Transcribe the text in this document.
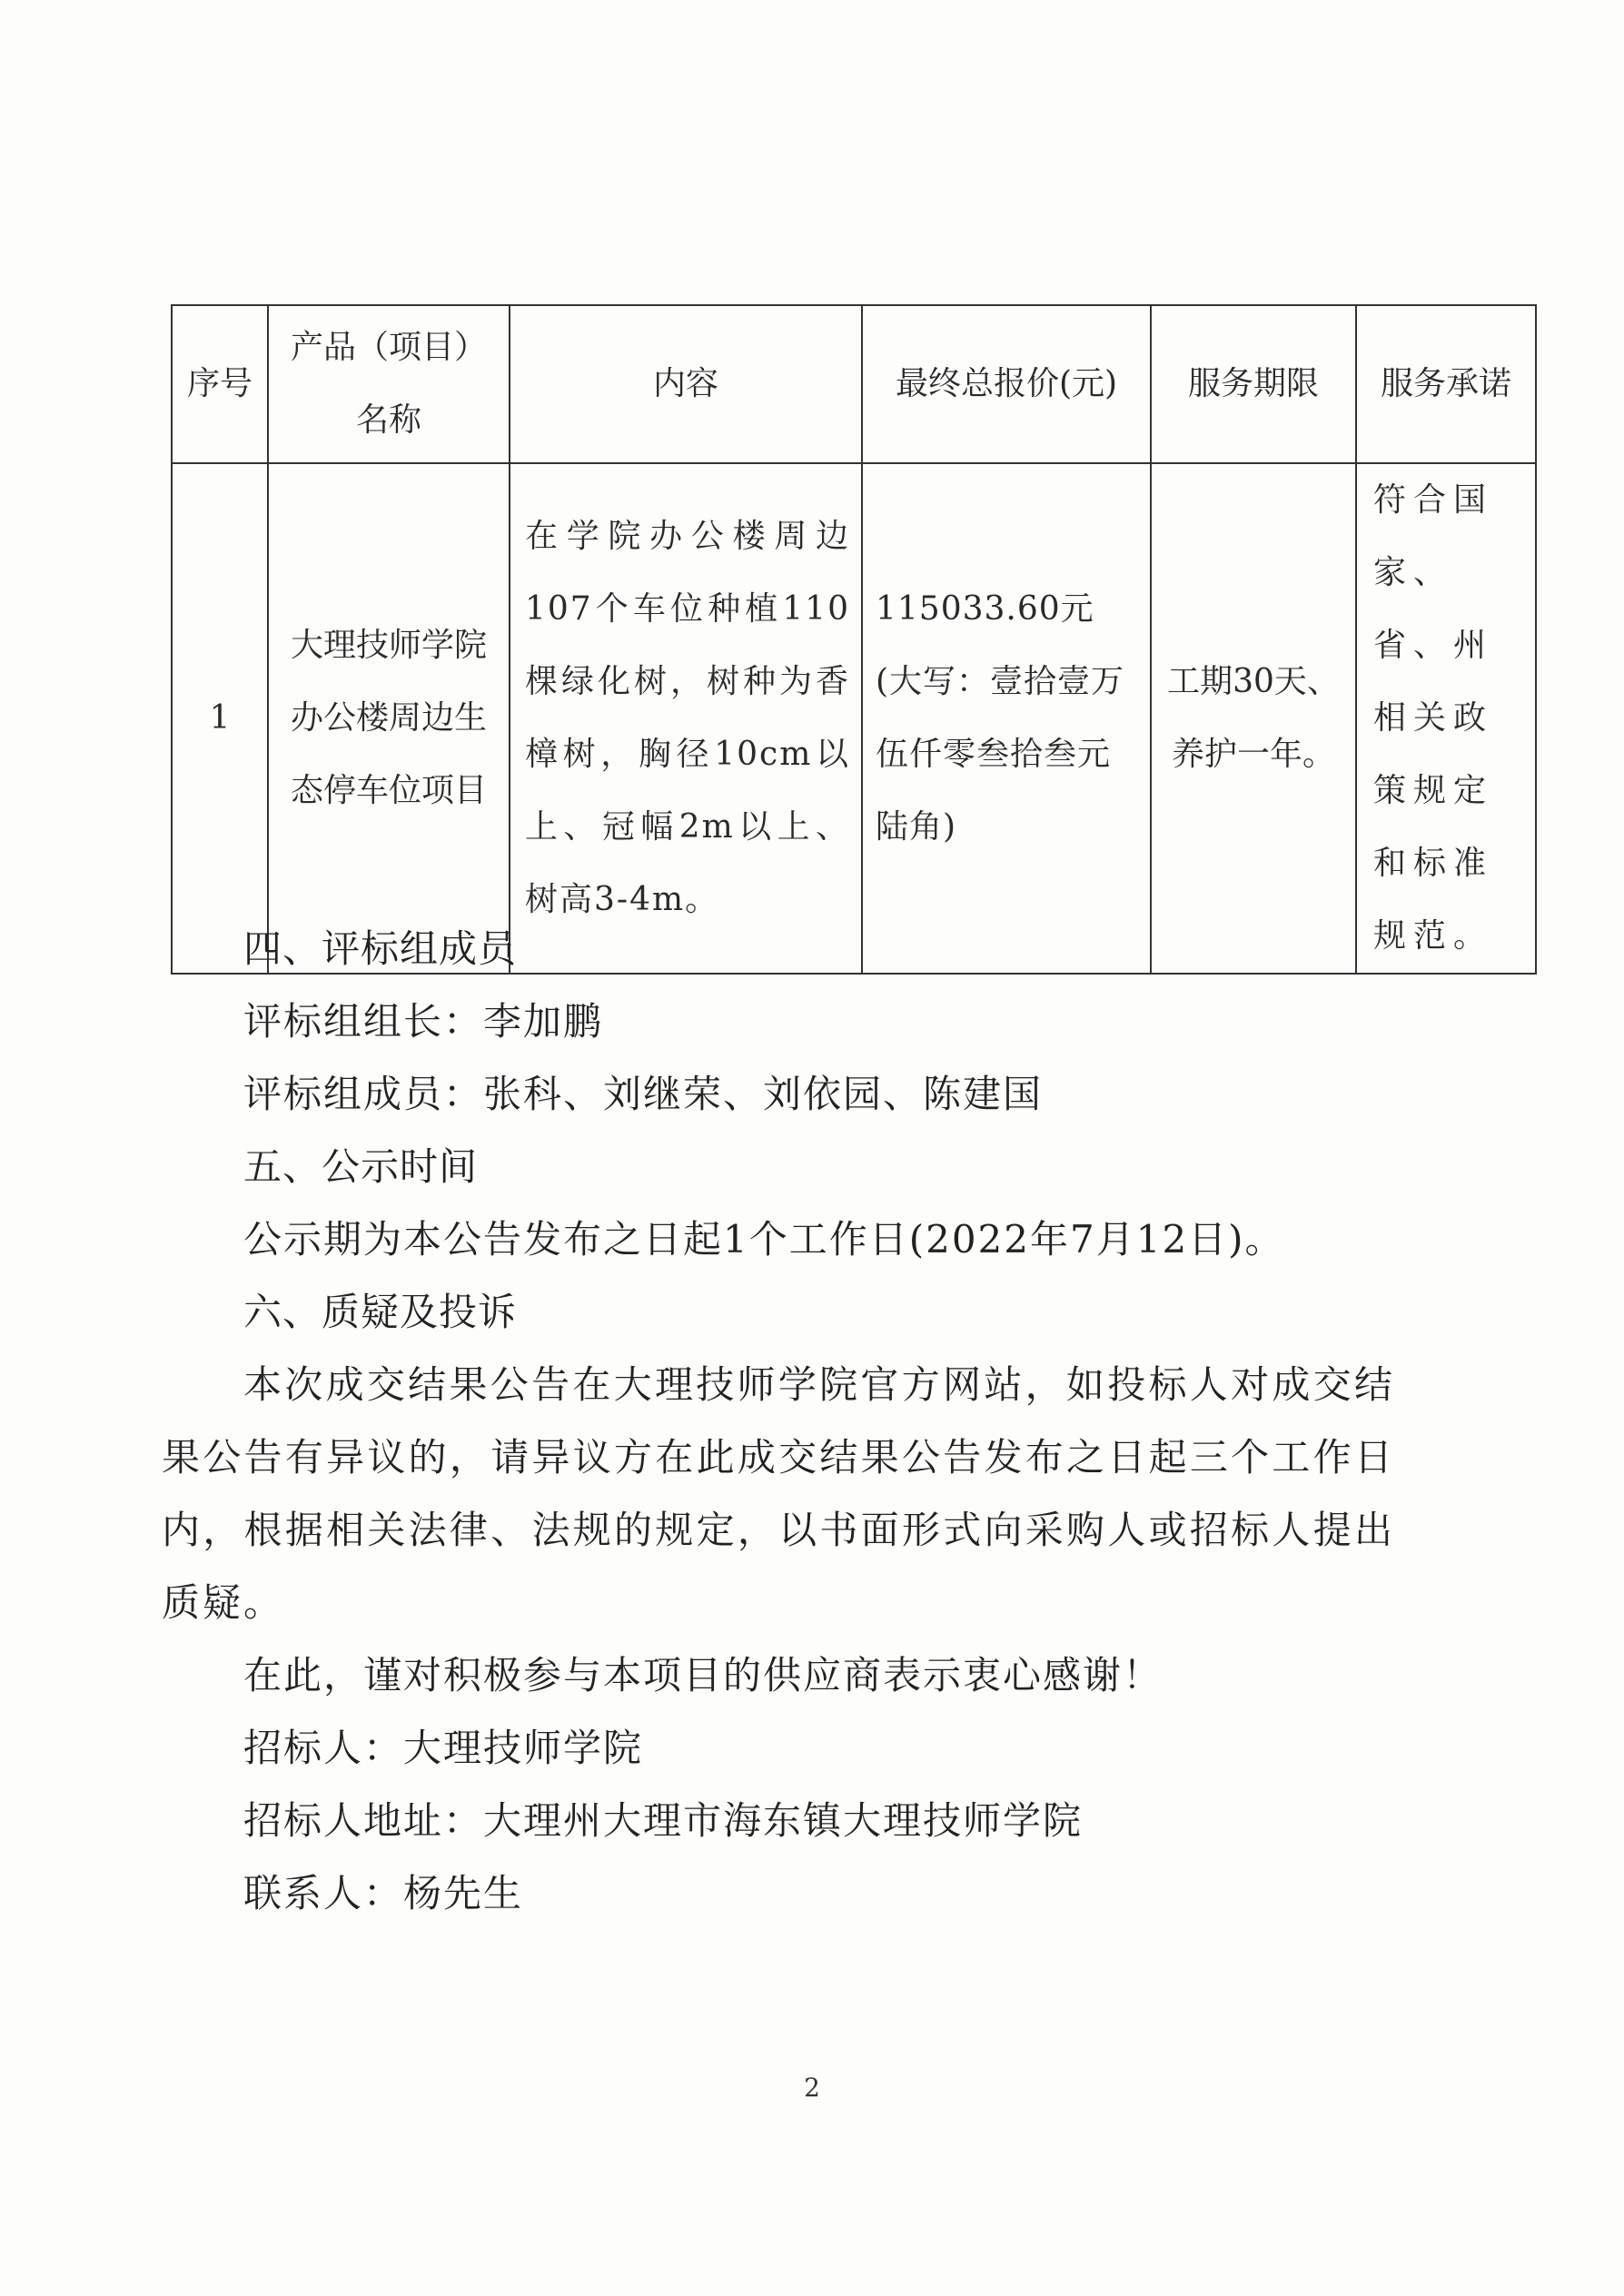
序号	产品（项目）名称	内容	最终总报价(元)	服务期限	服务承诺
1	大理技师学院办公楼周边生态停车位项目	在学院办公楼周边107个车位种植110棵绿化树，树种为香樟树，胸径10cm以上、冠幅2m以上、树高3-4m。	115033.60元(大写：壹拾壹万伍仟零叁拾叁元陆角)	工期30天、养护一年。	符合国家、省、州相关政策规定和标准规范。

四、评标组成员

评标组组长：李加鹏

评标组成员：张科、刘继荣、刘依园、陈建国

五、公示时间

公示期为本公告发布之日起1个工作日(2022年7月12日)。

六、质疑及投诉

本次成交结果公告在大理技师学院官方网站，如投标人对成交结果公告有异议的，请异议方在此成交结果公告发布之日起三个工作日内，根据相关法律、法规的规定，以书面形式向采购人或招标人提出质疑。

在此，谨对积极参与本项目的供应商表示衷心感谢！

招标人：大理技师学院

招标人地址：大理州大理市海东镇大理技师学院

联系人：杨先生

2
